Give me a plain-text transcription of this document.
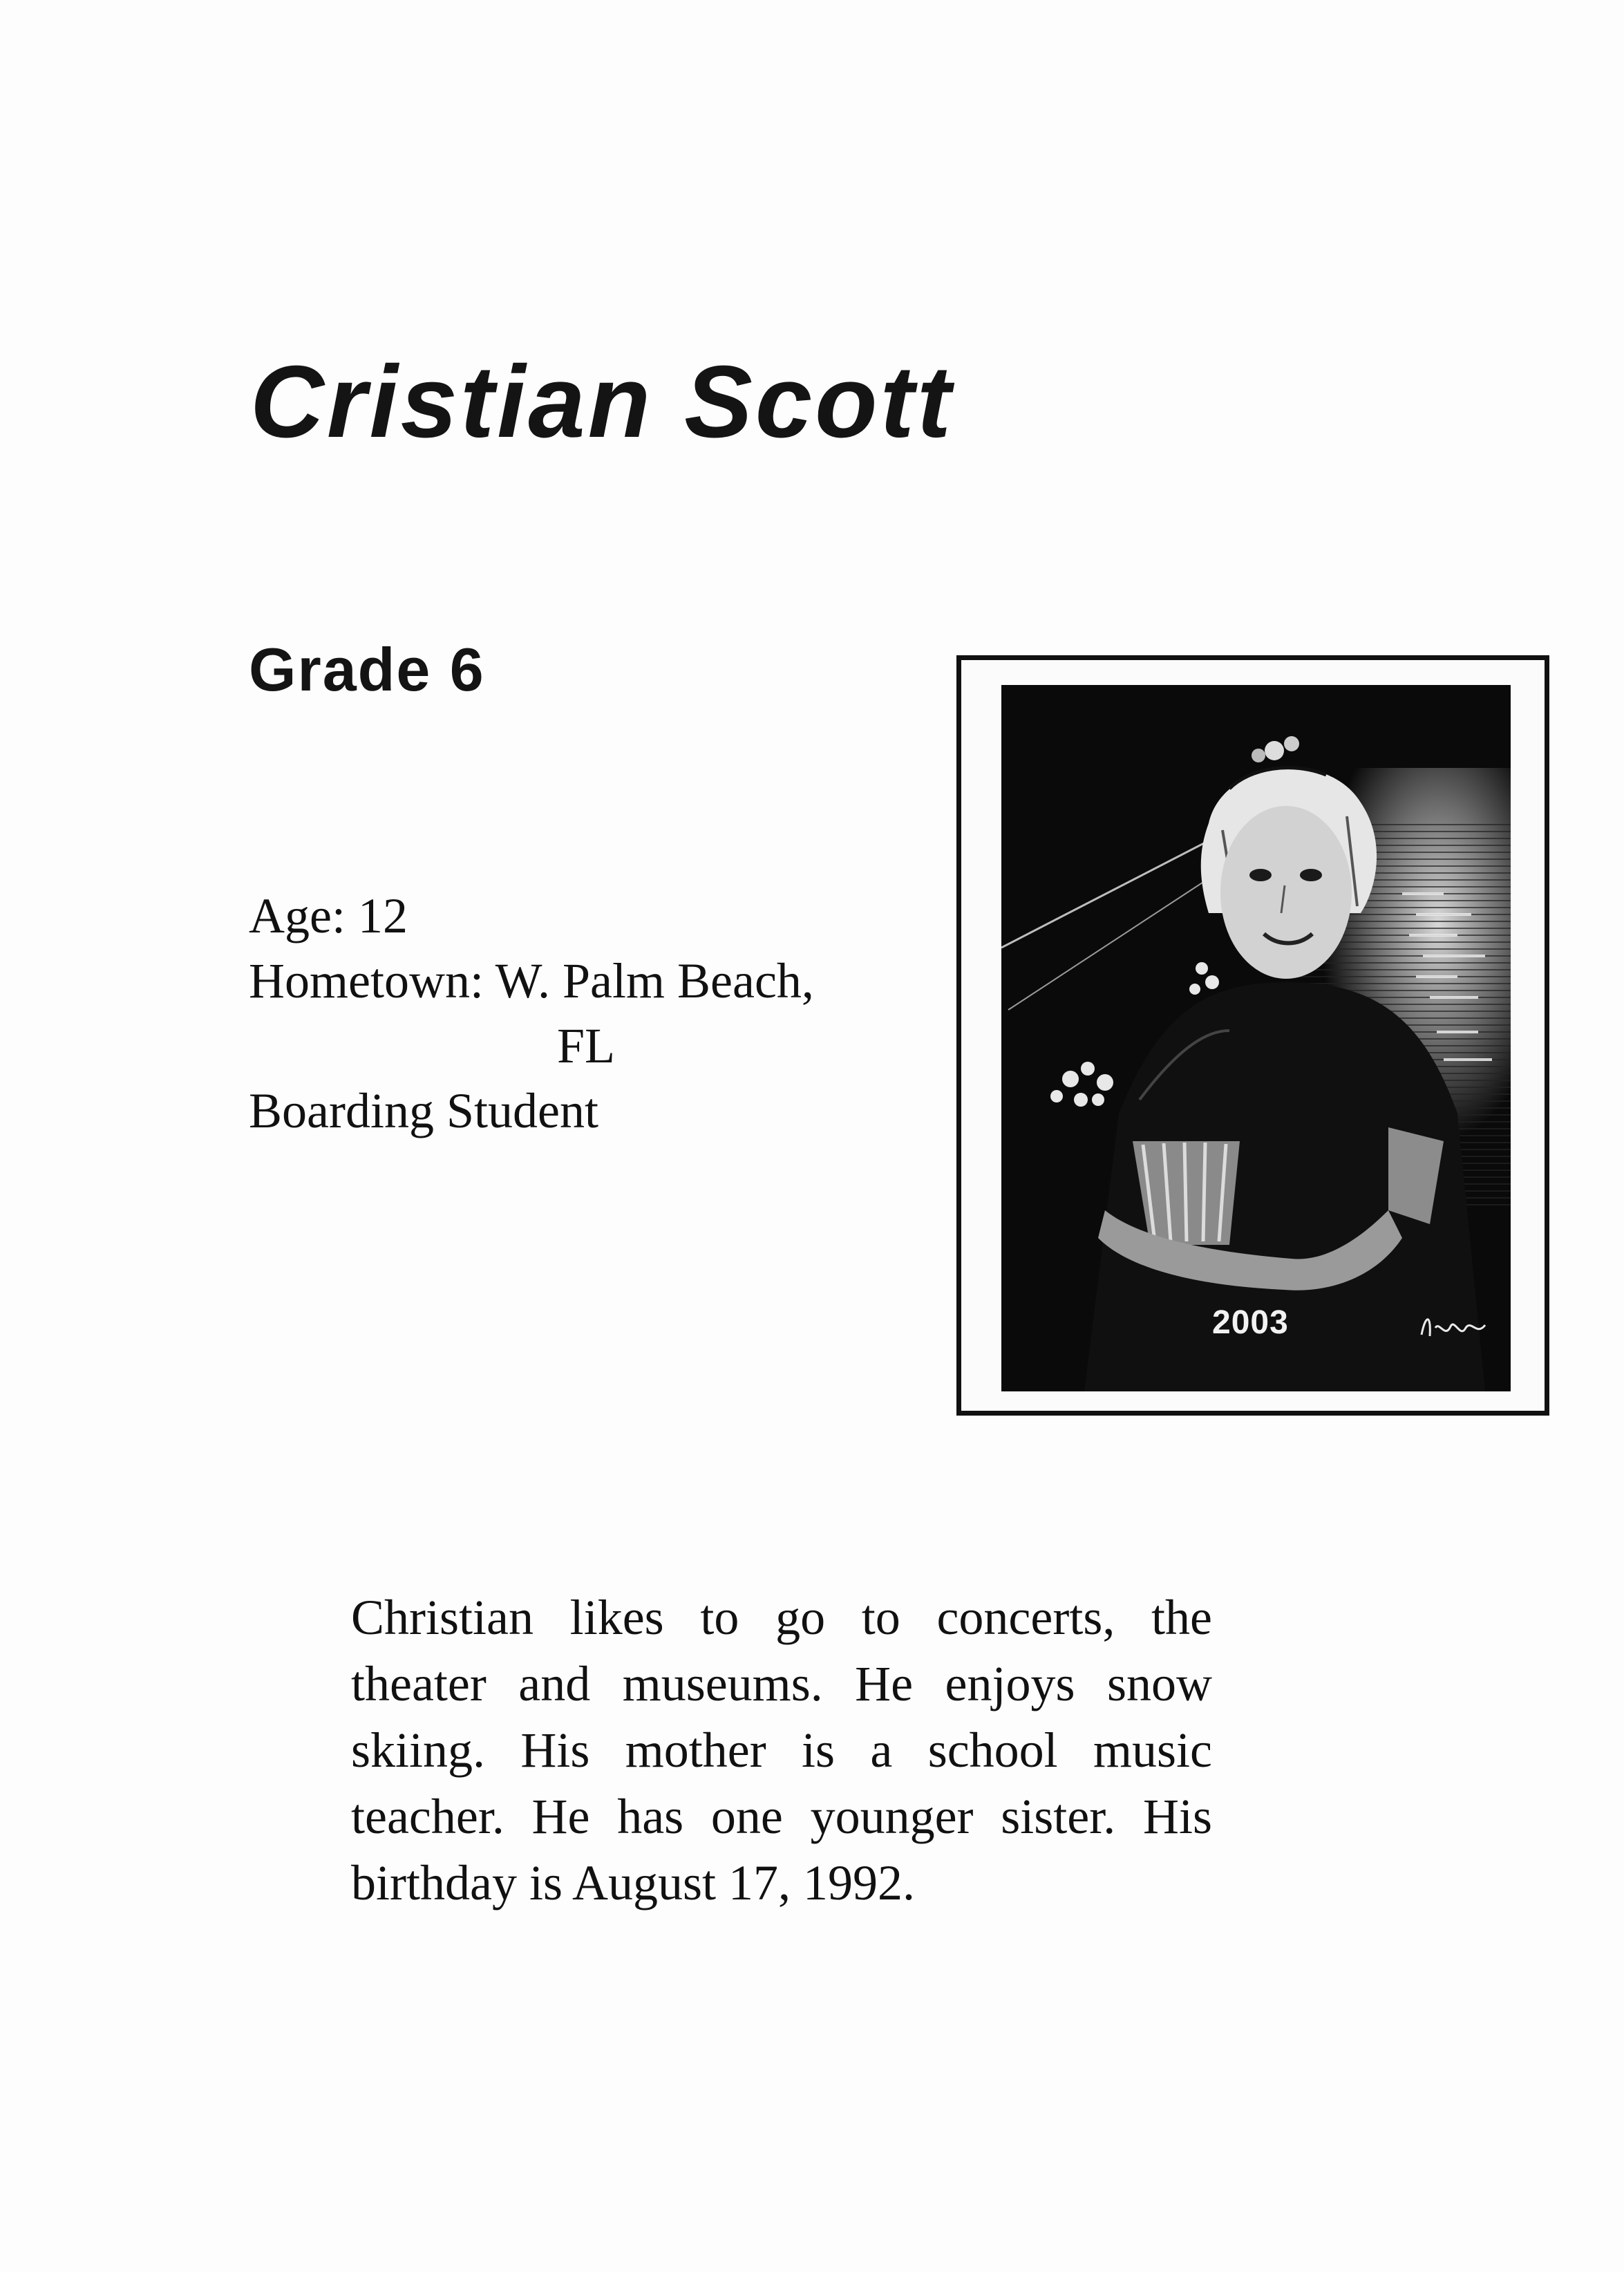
Cristian Scott
Grade 6
Age: 12
Hometown: W. Palm Beach,
FL
Boarding Student
2003

Christian likes to go to concerts, the theater and museums. He enjoys snow skiing. His mother is a school music teacher. He has one younger sister. His birthday is August 17, 1992.
